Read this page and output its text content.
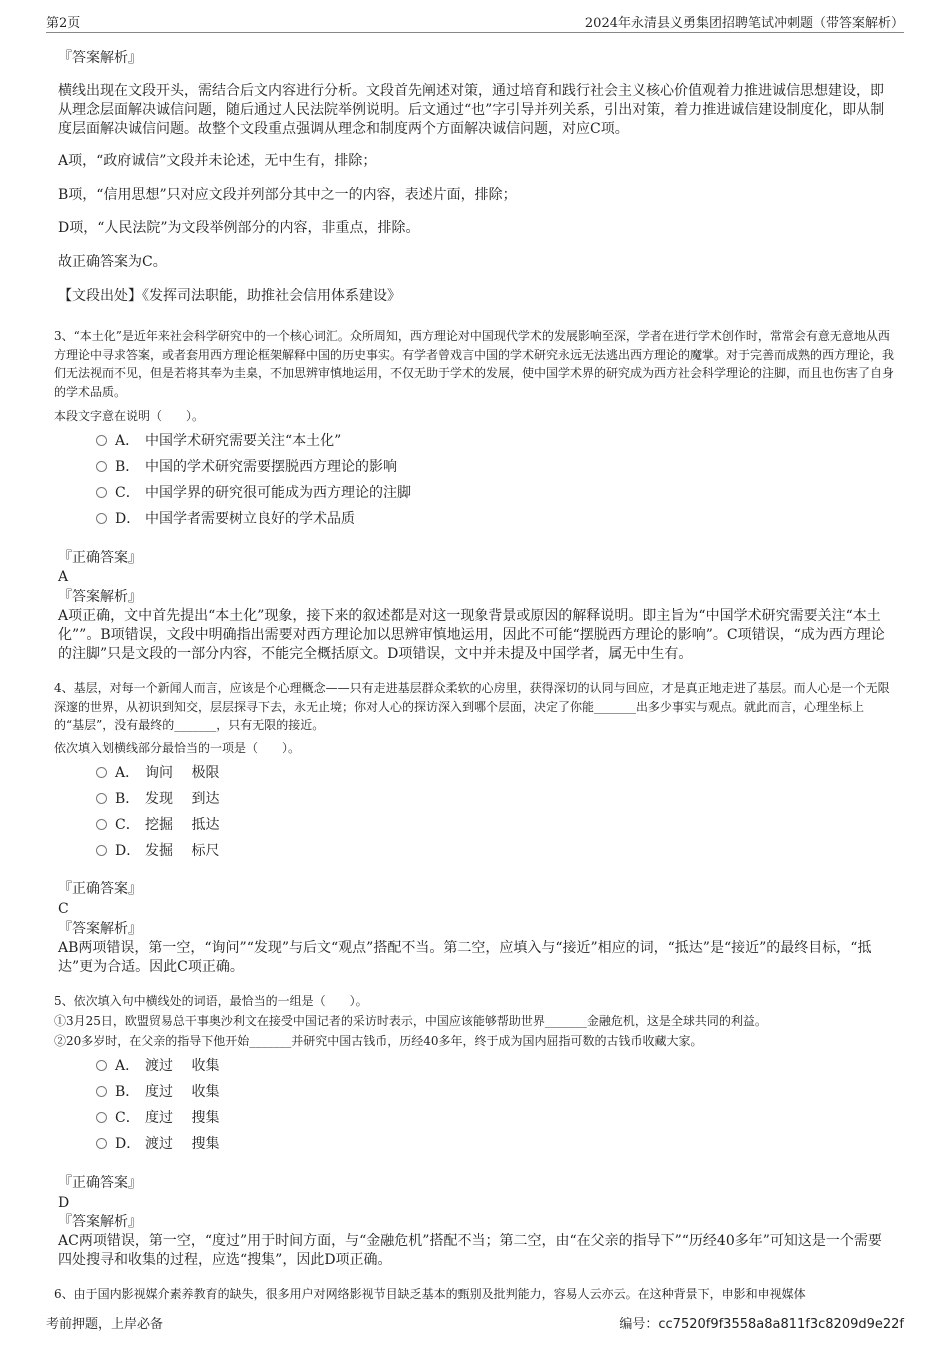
第2页	2024年永清县义勇集团招聘笔试冲刺题（带答案解析）
『答案解析』
横线出现在文段开头，需结合后文内容进行分析。文段首先阐述对策，通过培育和践行社会主义核心价值观着力推进诚信思想建设，即从理念层面解决诚信问题，随后通过人民法院举例说明。后文通过“也”字引导并列关系，引出对策，着力推进诚信建设制度化，即从制度层面解决诚信问题。故整个文段重点强调从理念和制度两个方面解决诚信问题，对应C项。
A项，“政府诚信”文段并未论述，无中生有，排除；
B项，“信用思想”只对应文段并列部分其中之一的内容，表述片面，排除；
D项，“人民法院”为文段举例部分的内容，非重点，排除。
故正确答案为C。
【文段出处】《发挥司法职能，助推社会信用体系建设》
3、“本土化”是近年来社会科学研究中的一个核心词汇。众所周知，西方理论对中国现代学术的发展影响至深，学者在进行学术创作时，常常会有意无意地从西方理论中寻求答案，或者套用西方理论框架解释中国的历史事实。有学者曾戏言中国的学术研究永远无法逃出西方理论的魔掌。对于完善而成熟的西方理论，我们无法视而不见，但是若将其奉为圭臬，不加思辨审慎地运用，不仅无助于学术的发展，使中国学术界的研究成为西方社会科学理论的注脚，而且也伤害了自身的学术品质。
本段文字意在说明（　　）。
A． 中国学术研究需要关注“本土化”
B． 中国的学术研究需要摆脱西方理论的影响
C． 中国学界的研究很可能成为西方理论的注脚
D． 中国学者需要树立良好的学术品质
『正确答案』
A
『答案解析』
A项正确，文中首先提出“本土化”现象，接下来的叙述都是对这一现象背景或原因的解释说明。即主旨为“中国学术研究需要关注“本土化””。B项错误，文段中明确指出需要对西方理论加以思辨审慎地运用，因此不可能“摆脱西方理论的影响”。C项错误，“成为西方理论的注脚”只是文段的一部分内容，不能完全概括原文。D项错误，文中并未提及中国学者，属无中生有。
4、基层，对每一个新闻人而言，应该是个心理概念——只有走进基层群众柔软的心房里，获得深切的认同与回应，才是真正地走进了基层。而人心是一个无限深邃的世界，从初识到知交，层层探寻下去，永无止境；你对人心的探访深入到哪个层面，决定了你能_______出多少事实与观点。就此而言，心理坐标上的“基层”，没有最终的_______，只有无限的接近。
依次填入划横线部分最恰当的一项是（　　）。
A． 询问　 极限
B． 发现　 到达
C． 挖掘　 抵达
D． 发掘　 标尺
『正确答案』
C
『答案解析』
AB两项错误，第一空，“询问”“发现”与后文“观点”搭配不当。第二空，应填入与“接近”相应的词，“抵达”是“接近”的最终目标，“抵达”更为合适。因此C项正确。
5、依次填入句中横线处的词语，最恰当的一组是（　　）。
①3月25日，欧盟贸易总干事奥沙利文在接受中国记者的采访时表示，中国应该能够帮助世界_______金融危机，这是全球共同的利益。
②20多岁时，在父亲的指导下他开始_______并研究中国古钱币，历经40多年，终于成为国内屈指可数的古钱币收藏大家。
A． 渡过　 收集
B． 度过　 收集
C． 度过　 搜集
D． 渡过　 搜集
『正确答案』
D
『答案解析』
AC两项错误，第一空，“度过”用于时间方面，与“金融危机”搭配不当；第二空，由“在父亲的指导下”“历经40多年”可知这是一个需要四处搜寻和收集的过程，应选“搜集”，因此D项正确。
6、由于国内影视媒介素养教育的缺失，很多用户对网络影视节目缺乏基本的甄别及批判能力，容易人云亦云。在这种背景下，申影和申视媒体
考前押题，上岸必备	编号：cc7520f9f3558a8a811f3c8209d9e22f
